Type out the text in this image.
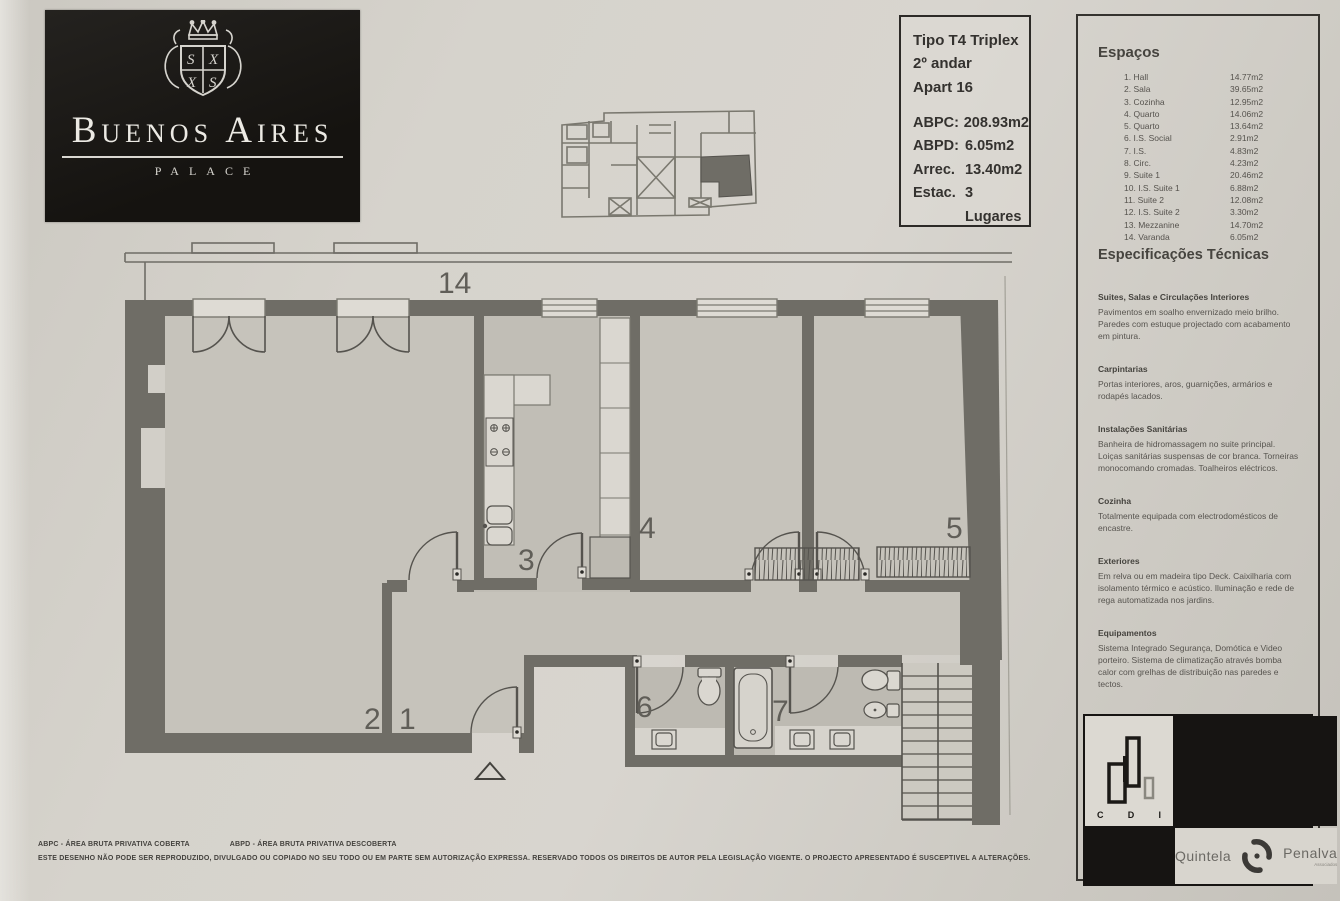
S X
X S
Buenos Aires
PALACE
Tipo T4 Triplex
2º andar
Apart 16
ABPC: 208.93m2
ABPD: 6.05m2
Arrec. 13.40m2
Estac. 3 Lugares
Espaços
1. Hall	14.77m2
2. Sala	39.65m2
3. Cozinha	12.95m2
4. Quarto	14.06m2
5. Quarto	13.64m2
6. I.S. Social	2.91m2
7. I.S.	4.83m2
8. Circ.	4.23m2
9. Suite 1	20.46m2
10. I.S. Suite 1	6.88m2
11. Suite 2	12.08m2
12. I.S. Suite 2	3.30m2
13. Mezzanine	14.70m2
14. Varanda	6.05m2
Especificações Técnicas
Suites, Salas e Circulações Interiores
Pavimentos em soalho envernizado meio brilho. Paredes com estuque projectado com acabamento em pintura.
Carpintarias
Portas interiores, aros, guarnições, armários e rodapés lacados.
Instalações Sanitárias
Banheira de hidromassagem no suite principal. Loiças sanitárias suspensas de cor branca. Torneiras monocomando cromadas. Toalheiros eléctricos.
Cozinha
Totalmente equipada com electrodomésticos de encastre.
Exteriores
Em relva ou em madeira tipo Deck. Caixilharia com isolamento térmico e acústico. Iluminação e rede de rega automatizada nos jardins.
Equipamentos
Sistema Integrado Segurança, Domótica e Video porteiro. Sistema de climatização através bomba calor com grelhas de distribuição nas paredes e tectos.
C	D	I
Quintela	Penalva
Associados
14
2 1
3
4	5
6	7
ABPC - ÁREA BRUTA PRIVATIVA COBERTA	ABPD - ÁREA BRUTA PRIVATIVA DESCOBERTA
ESTE DESENHO NÃO PODE SER REPRODUZIDO, DIVULGADO OU COPIADO NO SEU TODO OU EM PARTE SEM AUTORIZAÇÃO EXPRESSA. RESERVADO TODOS OS DIREITOS DE AUTOR PELA LEGISLAÇÃO VIGENTE. O PROJECTO APRESENTADO É SUSCEPTIVEL A ALTERAÇÕES.
